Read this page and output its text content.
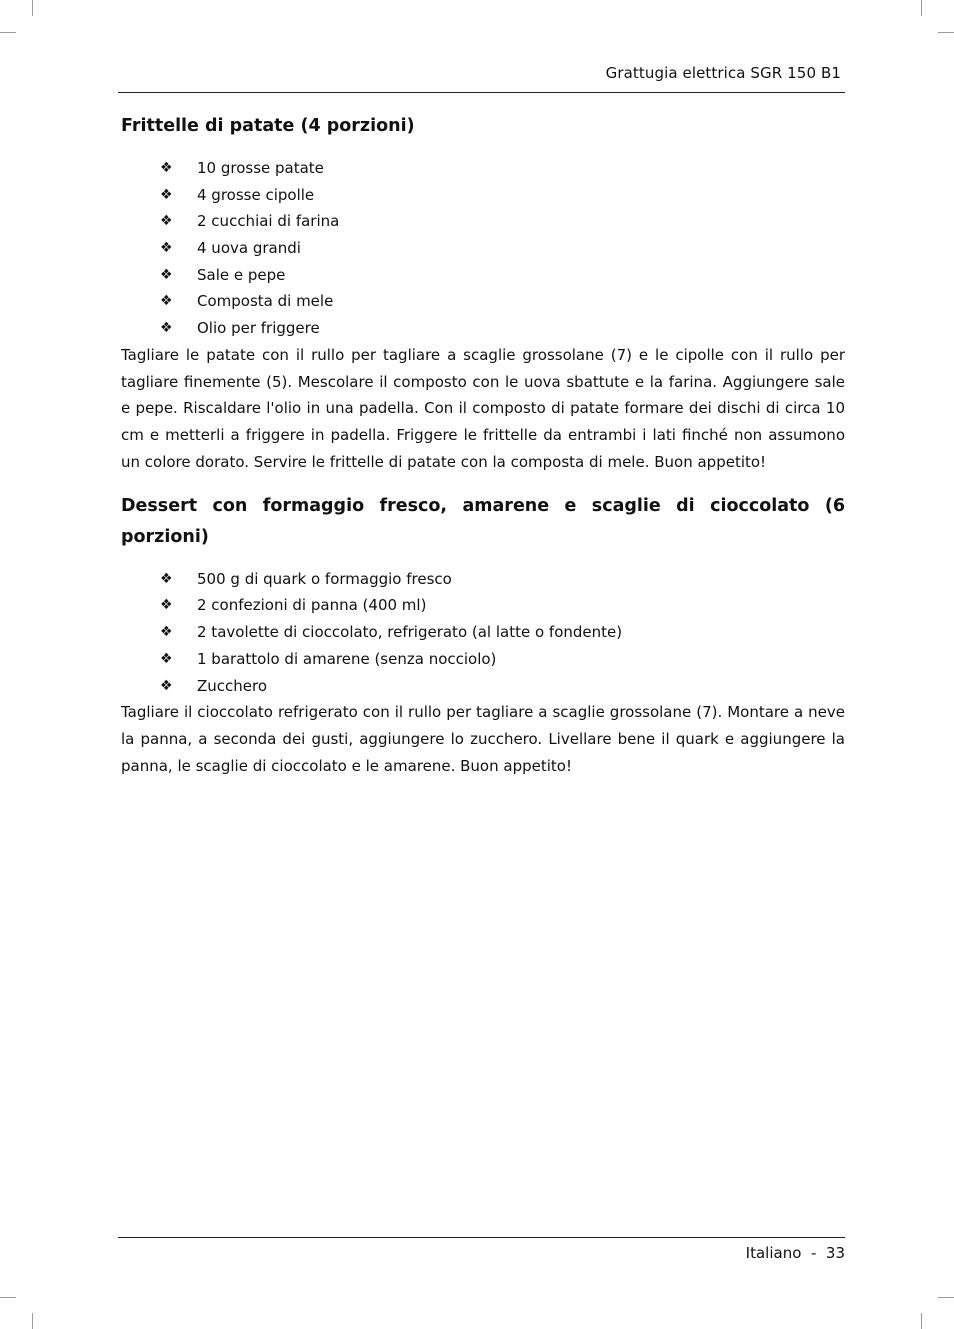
Grattugia elettrica SGR 150 B1
Frittelle di patate (4 porzioni)
❖ 10 grosse patate
❖ 4 grosse cipolle
❖ 2 cucchiai di farina
❖ 4 uova grandi
❖ Sale e pepe
❖ Composta di mele
❖ Olio per friggere

Tagliare le patate con il rullo per tagliare a scaglie grossolane (7) e le cipolle con il rullo per tagliare finemente (5). Mescolare il composto con le uova sbattute e la farina. Aggiungere sale e pepe. Riscaldare l'olio in una padella. Con il composto di patate formare dei dischi di circa 10 cm e metterli a friggere in padella. Friggere le frittelle da entrambi i lati finché non assumono un colore dorato. Servire le frittelle di patate con la composta di mele. Buon appetito!

Dessert con formaggio fresco, amarene e scaglie di cioccolato (6 porzioni)
❖ 500 g di quark o formaggio fresco
❖ 2 confezioni di panna (400 ml)
❖ 2 tavolette di cioccolato, refrigerato (al latte o fondente)
❖ 1 barattolo di amarene (senza nocciolo)
❖ Zucchero

Tagliare il cioccolato refrigerato con il rullo per tagliare a scaglie grossolane (7). Montare a neve la panna, a seconda dei gusti, aggiungere lo zucchero. Livellare bene il quark e aggiungere la panna, le scaglie di cioccolato e le amarene. Buon appetito!

Italiano - 33
